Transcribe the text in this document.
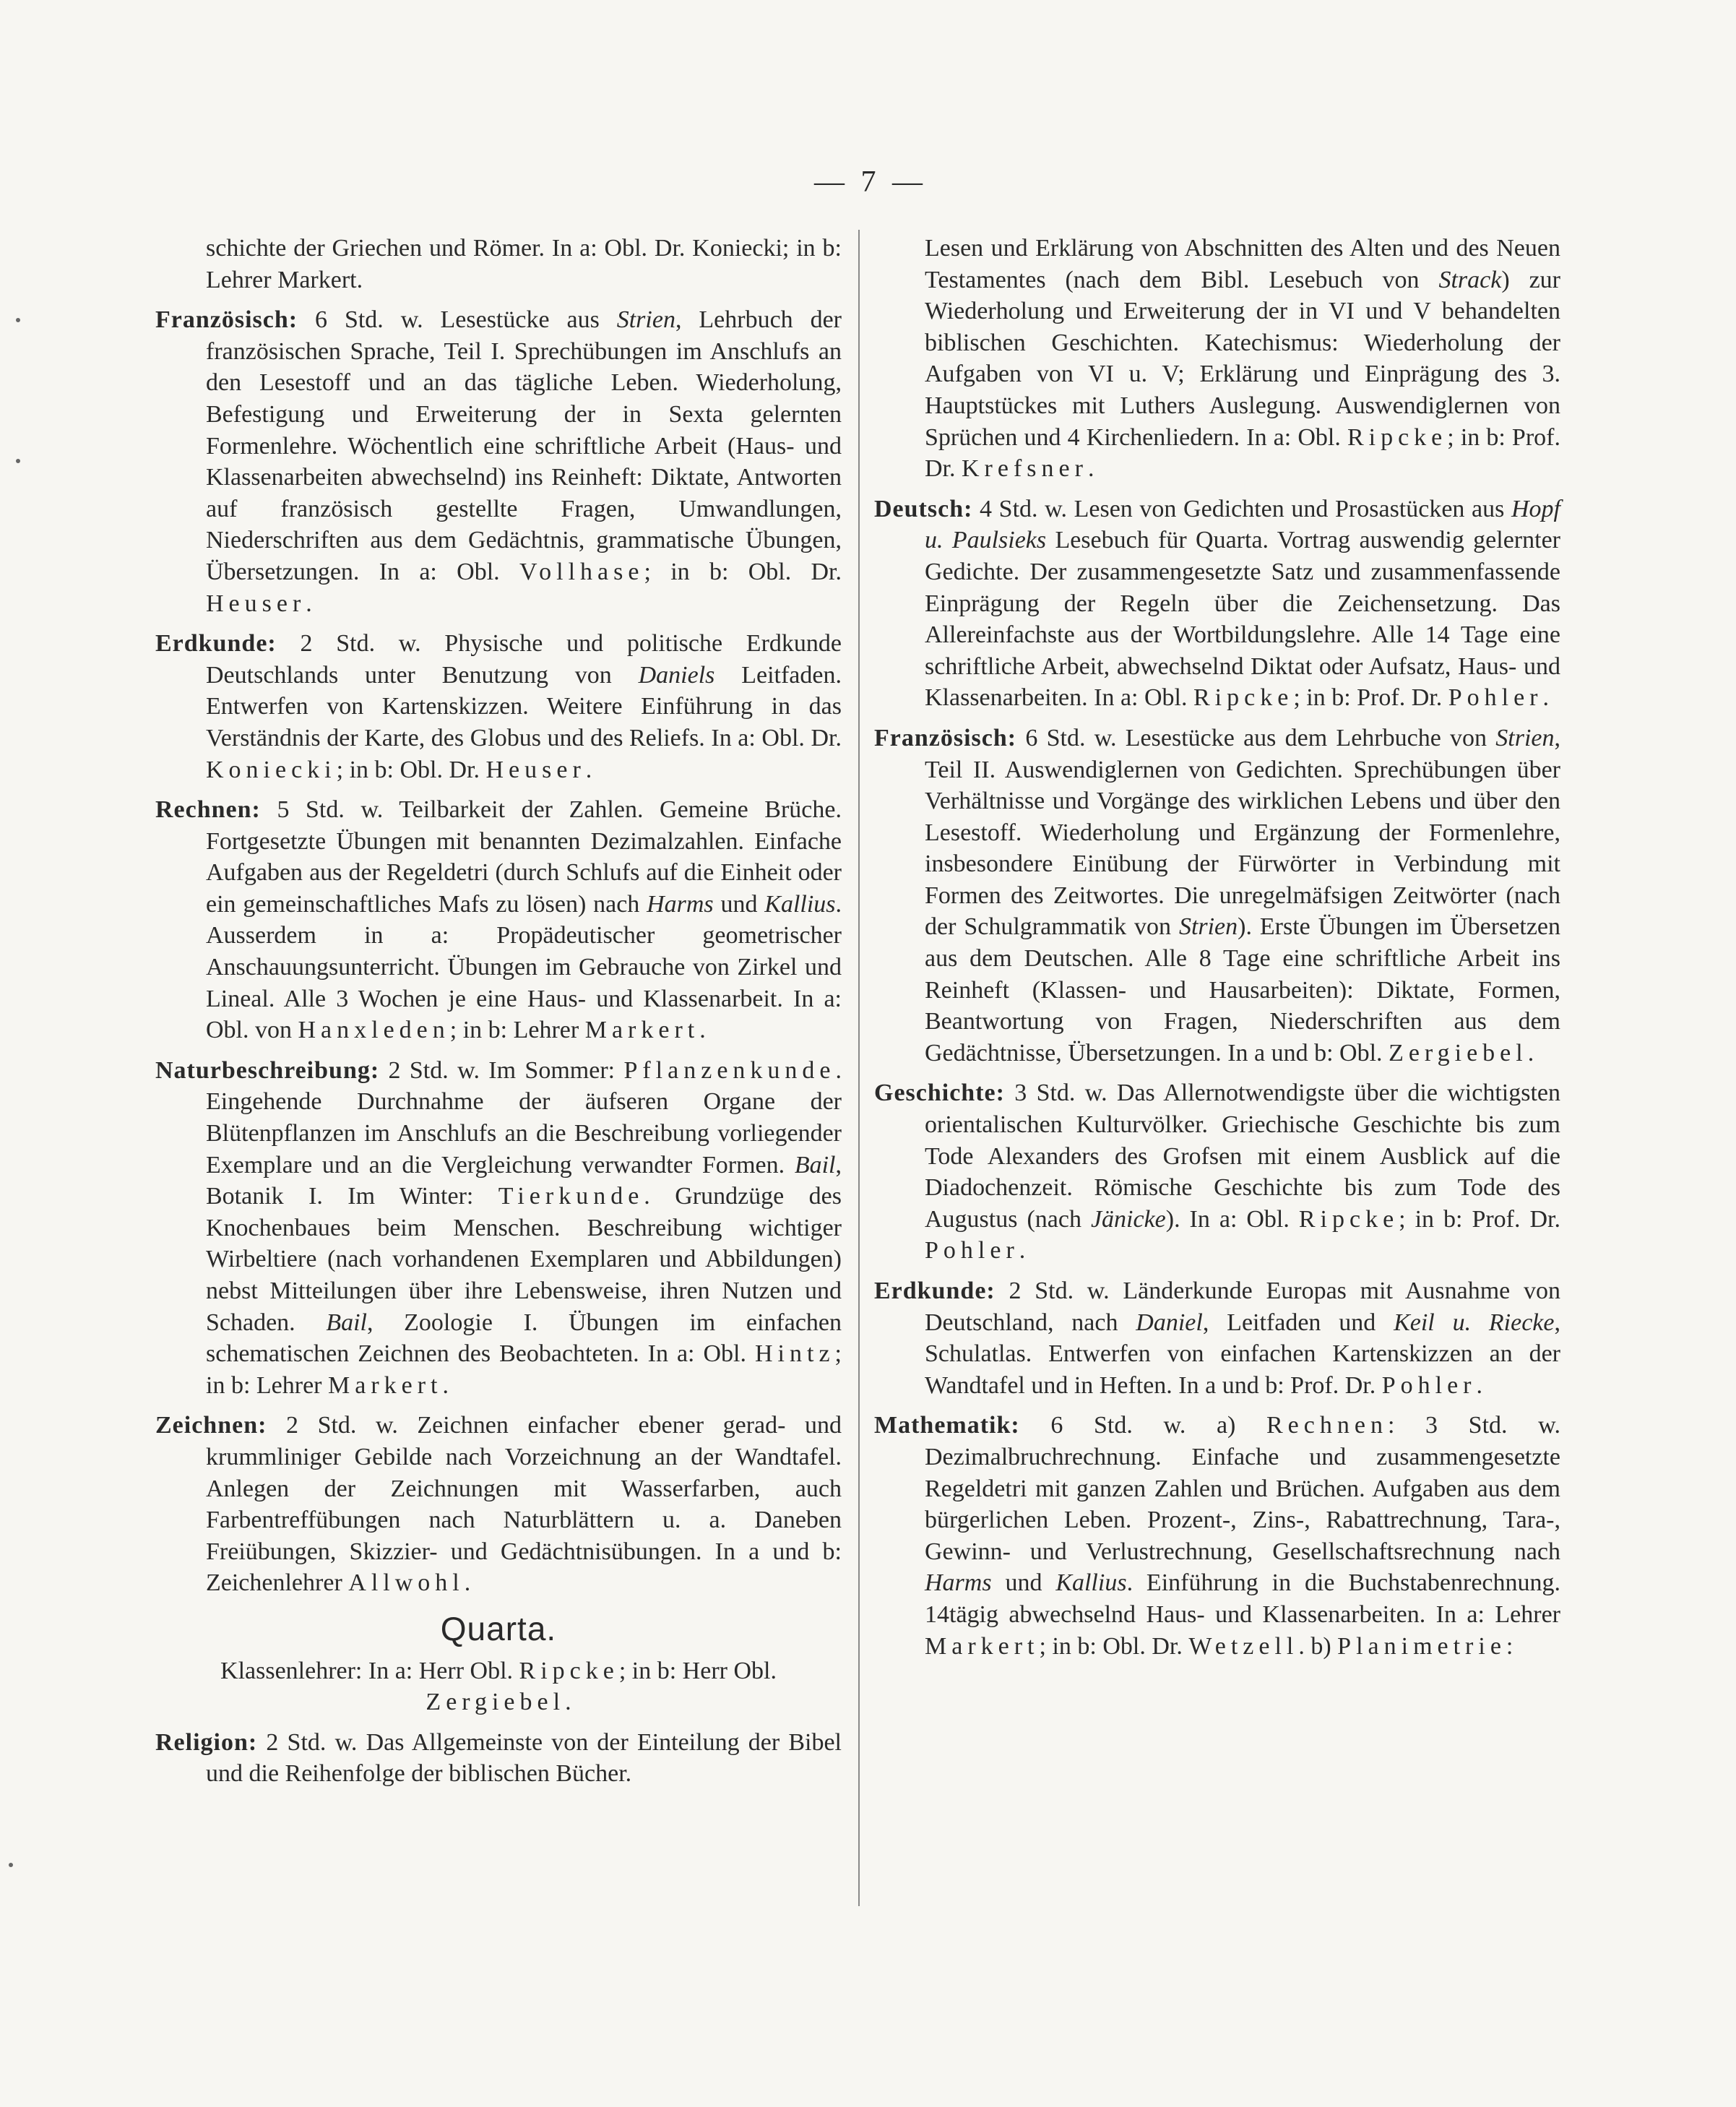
— 7 —

schichte der Griechen und Römer. In a: Obl. Dr. Koniecki; in b: Lehrer Markert.

Französisch: 6 Std. w. Lesestücke aus Strien, Lehrbuch der französischen Sprache, Teil I. Sprechübungen im Anschlufs an den Lesestoff und an das tägliche Leben. Wiederholung, Befestigung und Erweiterung der in Sexta gelernten Formenlehre. Wöchentlich eine schriftliche Arbeit (Haus- und Klassenarbeiten abwechselnd) ins Reinheft: Diktate, Antworten auf französisch gestellte Fragen, Umwandlungen, Niederschriften aus dem Gedächtnis, grammatische Übungen, Übersetzungen. In a: Obl. Vollhase; in b: Obl. Dr. Heuser.

Erdkunde: 2 Std. w. Physische und politische Erdkunde Deutschlands unter Benutzung von Daniels Leitfaden. Entwerfen von Kartenskizzen. Weitere Einführung in das Verständnis der Karte, des Globus und des Reliefs. In a: Obl. Dr. Koniecki; in b: Obl. Dr. Heuser.

Rechnen: 5 Std. w. Teilbarkeit der Zahlen. Gemeine Brüche. Fortgesetzte Übungen mit benannten Dezimalzahlen. Einfache Aufgaben aus der Regeldetri (durch Schlufs auf die Einheit oder ein gemeinschaftliches Mafs zu lösen) nach Harms und Kallius. Ausserdem in a: Propädeutischer geometrischer Anschauungsunterricht. Übungen im Gebrauche von Zirkel und Lineal. Alle 3 Wochen je eine Haus- und Klassenarbeit. In a: Obl. von Hanxleden; in b: Lehrer Markert.

Naturbeschreibung: 2 Std. w. Im Sommer: Pflanzenkunde. Eingehende Durchnahme der äufseren Organe der Blütenpflanzen im Anschlufs an die Beschreibung vorliegender Exemplare und an die Vergleichung verwandter Formen. Bail, Botanik I. Im Winter: Tierkunde. Grundzüge des Knochenbaues beim Menschen. Beschreibung wichtiger Wirbeltiere (nach vorhandenen Exemplaren und Abbildungen) nebst Mitteilungen über ihre Lebensweise, ihren Nutzen und Schaden. Bail, Zoologie I. Übungen im einfachen schematischen Zeichnen des Beobachteten. In a: Obl. Hintz; in b: Lehrer Markert.

Zeichnen: 2 Std. w. Zeichnen einfacher ebener gerad- und krummliniger Gebilde nach Vorzeichnung an der Wandtafel. Anlegen der Zeichnungen mit Wasserfarben, auch Farbentreffübungen nach Naturblättern u. a. Daneben Freiübungen, Skizzier- und Gedächtnisübungen. In a und b: Zeichenlehrer Allwohl.

Quarta.

Klassenlehrer: In a: Herr Obl. Ripcke; in b: Herr Obl. Zergiebel.

Religion: 2 Std. w. Das Allgemeinste von der Einteilung der Bibel und die Reihenfolge der biblischen Bücher.

Lesen und Erklärung von Abschnitten des Alten und des Neuen Testamentes (nach dem Bibl. Lesebuch von Strack) zur Wiederholung und Erweiterung der in VI und V behandelten biblischen Geschichten. Katechismus: Wiederholung der Aufgaben von VI u. V; Erklärung und Einprägung des 3. Hauptstückes mit Luthers Auslegung. Auswendiglernen von Sprüchen und 4 Kirchenliedern. In a: Obl. Ripcke; in b: Prof. Dr. Krefsner.

Deutsch: 4 Std. w. Lesen von Gedichten und Prosastücken aus Hopf u. Paulsieks Lesebuch für Quarta. Vortrag auswendig gelernter Gedichte. Der zusammengesetzte Satz und zusammenfassende Einprägung der Regeln über die Zeichensetzung. Das Allereinfachste aus der Wortbildungslehre. Alle 14 Tage eine schriftliche Arbeit, abwechselnd Diktat oder Aufsatz, Haus- und Klassenarbeiten. In a: Obl. Ripcke; in b: Prof. Dr. Pohler.

Französisch: 6 Std. w. Lesestücke aus dem Lehrbuche von Strien, Teil II. Auswendiglernen von Gedichten. Sprechübungen über Verhältnisse und Vorgänge des wirklichen Lebens und über den Lesestoff. Wiederholung und Ergänzung der Formenlehre, insbesondere Einübung der Fürwörter in Verbindung mit Formen des Zeitwortes. Die unregelmäfsigen Zeitwörter (nach der Schulgrammatik von Strien). Erste Übungen im Übersetzen aus dem Deutschen. Alle 8 Tage eine schriftliche Arbeit ins Reinheft (Klassen- und Hausarbeiten): Diktate, Formen, Beantwortung von Fragen, Niederschriften aus dem Gedächtnisse, Übersetzungen. In a und b: Obl. Zergiebel.

Geschichte: 3 Std. w. Das Allernotwendigste über die wichtigsten orientalischen Kulturvölker. Griechische Geschichte bis zum Tode Alexanders des Grofsen mit einem Ausblick auf die Diadochenzeit. Römische Geschichte bis zum Tode des Augustus (nach Jänicke). In a: Obl. Ripcke; in b: Prof. Dr. Pohler.

Erdkunde: 2 Std. w. Länderkunde Europas mit Ausnahme von Deutschland, nach Daniel, Leitfaden und Keil u. Riecke, Schulatlas. Entwerfen von einfachen Kartenskizzen an der Wandtafel und in Heften. In a und b: Prof. Dr. Pohler.

Mathematik: 6 Std. w. a) Rechnen: 3 Std. w. Dezimalbruchrechnung. Einfache und zusammengesetzte Regeldetri mit ganzen Zahlen und Brüchen. Aufgaben aus dem bürgerlichen Leben. Prozent-, Zins-, Rabattrechnung, Tara-, Gewinn- und Verlustrechnung, Gesellschaftsrechnung nach Harms und Kallius. Einführung in die Buchstabenrechnung. 14tägig abwechselnd Haus- und Klassenarbeiten. In a: Lehrer Markert; in b: Obl. Dr. Wetzell. b) Planimetrie:
